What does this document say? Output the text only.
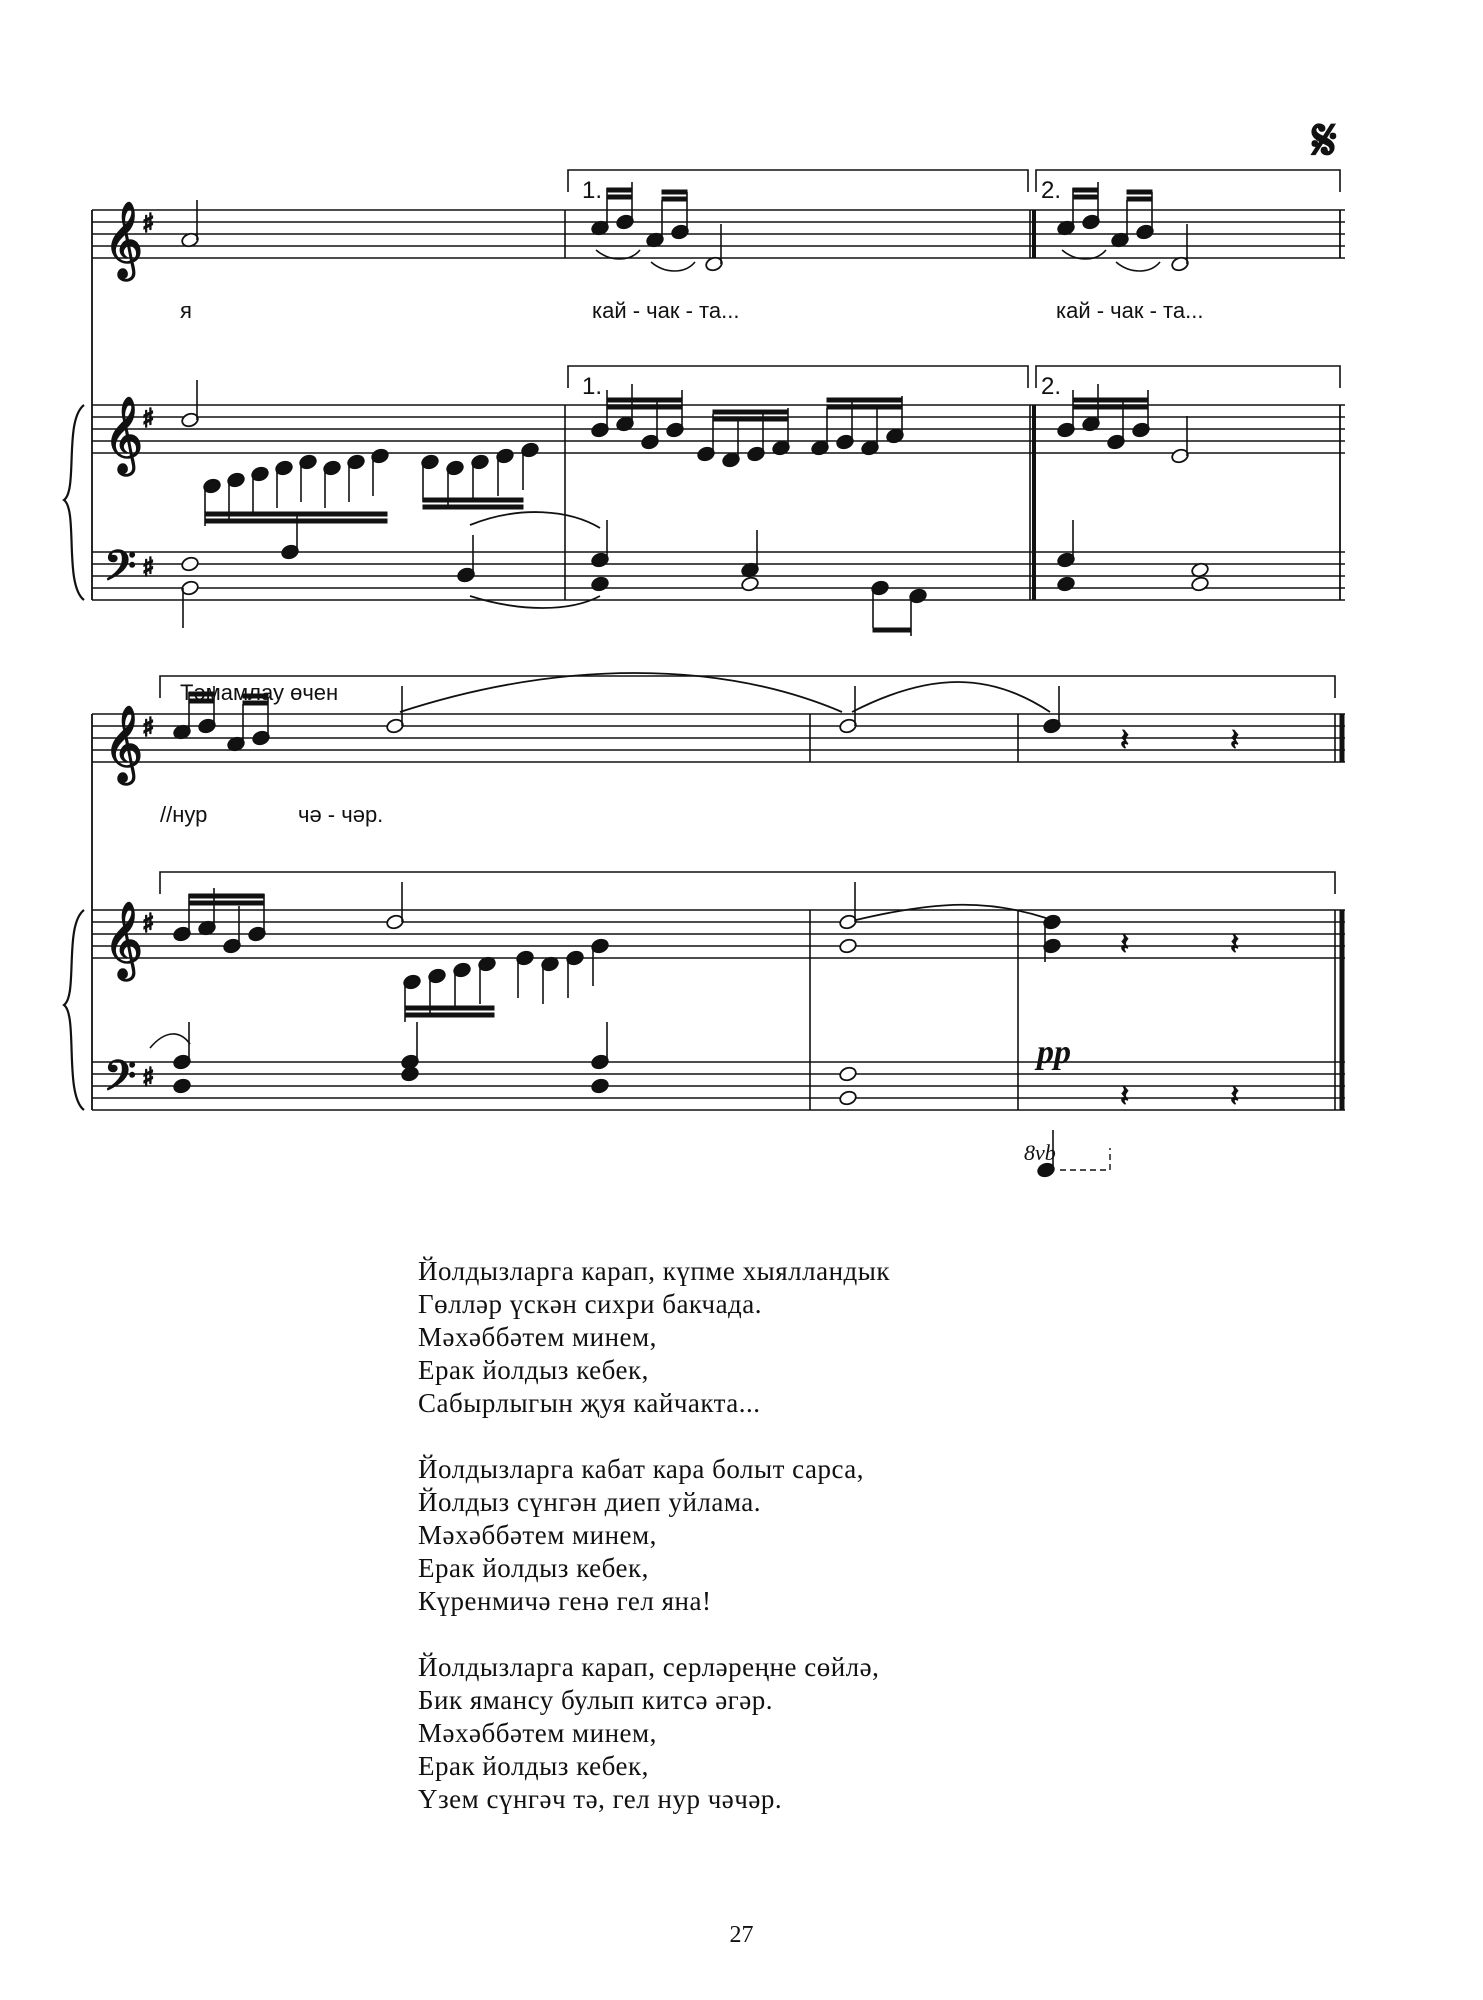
𝄞
𝄞
𝄢
♯
♯
♯
𝄞
𝄞
𝄢
♯
♯
♯
𝄽	𝄽
𝄽	𝄽
𝄽	𝄽
𝄋
1.	2.
1.	2.
Тәмамлау өчен
я	кай - чак - та...	кай - чак - та...
//нур	чә - чәр.
pp
8vb
Йолдызларга карап, күпме хыялландык
Гөлләр үскән сихри бакчада.
Мәхәббәтем минем,
Ерак йолдыз кебек,
Сабырлыгын җуя кайчакта...
Йолдызларга кабат кара болыт сарса,
Йолдыз сүнгән диеп уйлама.
Мәхәббәтем минем,
Ерак йолдыз кебек,
Күренмичә генә гел яна!
Йолдызларга карап, серләреңне сөйлә,
Бик ямансу булып китсә әгәр.
Мәхәббәтем минем,
Ерак йолдыз кебек,
Үзем сүнгәч тә, гел нур чәчәр.
27
